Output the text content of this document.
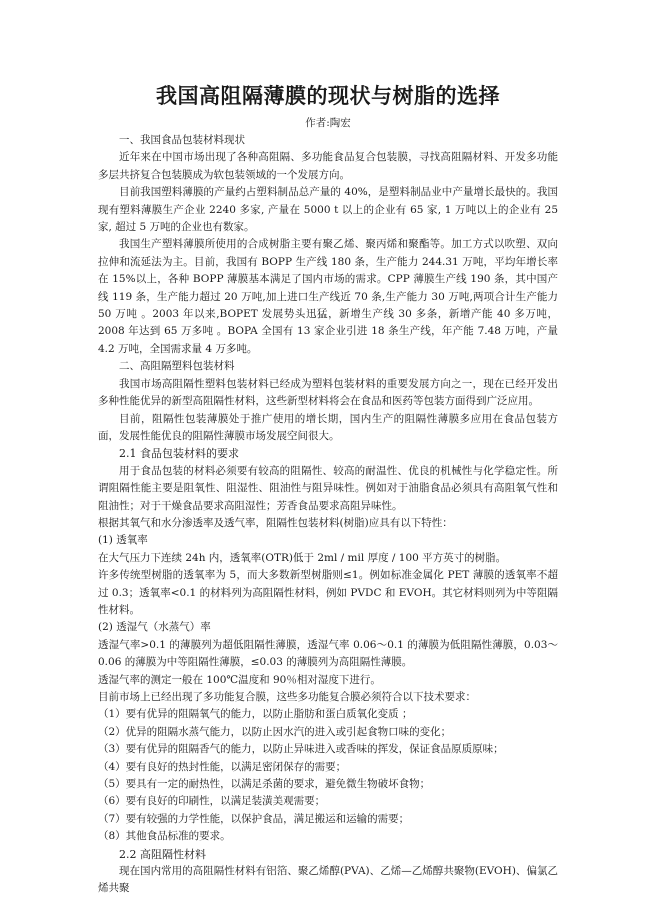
我国高阻隔薄膜的现状与树脂的选择
作者:陶宏

一、我国食品包装材料现状

近年来在中国市场出现了各种高阻隔、多功能食品复合包装膜，寻找高阻隔材料、开发多功能多层共挤复合包装膜成为软包装领域的一个发展方向。

目前我国塑料薄膜的产量约占塑料制品总产量的 40%，是塑料制品业中产量增长最快的。我国现有塑料薄膜生产企业 2240 多家, 产量在 5000 t 以上的企业有 65 家, 1 万吨以上的企业有 25 家, 超过 5 万吨的企业也有数家。

我国生产塑料薄膜所使用的合成树脂主要有聚乙烯、聚丙烯和聚酯等。加工方式以吹塑、双向拉伸和流延法为主。目前，我国有 BOPP 生产线 180 条，生产能力 244.31 万吨，平均年增长率在 15%以上，各种 BOPP 薄膜基本满足了国内市场的需求。CPP 薄膜生产线 190 条，其中国产线 119 条，生产能力超过 20 万吨,加上进口生产线近 70 条,生产能力 30 万吨,两项合计生产能力 50 万吨 。2003 年以来,BOPET 发展势头迅猛，新增生产线 30 多条，新增产能 40 多万吨，2008 年达到 65 万多吨 。BOPA 全国有 13 家企业引进 18 条生产线，年产能 7.48 万吨，产量 4.2 万吨，全国需求量 4 万多吨。

二、高阻隔塑料包装材料

我国市场高阻隔性塑料包装材料已经成为塑料包装材料的重要发展方向之一，现在已经开发出多种性能优异的新型高阻隔性材料，这些新型材料将会在食品和医药等包装方面得到广泛应用。

目前，阻隔性包装薄膜处于推广使用的增长期，国内生产的阻隔性薄膜多应用在食品包装方面，发展性能优良的阻隔性薄膜市场发展空间很大。

2.1 食品包装材料的要求

用于食品包装的材料必须要有较高的阻隔性、较高的耐温性、优良的机械性与化学稳定性。所谓阻隔性能主要是阻氧性、阻湿性、阻油性与阻异味性。例如对于油脂食品必须具有高阻氧气性和阻油性；对于干燥食品要求高阻湿性；芳香食品要求高阻异味性。

根据其氧气和水分渗透率及透气率，阻隔性包装材料(树脂)应具有以下特性：

(1) 透氧率

在大气压力下连续 24h 内，透氧率(OTR)低于 2ml / mil 厚度 / 100 平方英寸的树脂。

许多传统型树脂的透氧率为 5，而大多数新型树脂则≤1。例如标准金属化 PET 薄膜的透氧率不超过 0.3；透氧率<0.1 的材料列为高阻隔性材料，例如 PVDC 和 EVOH。其它材料则列为中等阻隔性材料。

(2) 透湿气（水蒸气）率

透湿气率>0.1 的薄膜列为超低阻隔性薄膜，透湿气率 0.06～0.1 的薄膜为低阻隔性薄膜，0.03～0.06 的薄膜为中等阻隔性薄膜，≤0.03 的薄膜列为高阻隔性薄膜。

透湿气率的测定一般在 100℃温度和 90％相对湿度下进行。

目前市场上已经出现了多功能复合膜，这些多功能复合膜必须符合以下技术要求：

（1）要有优异的阻隔氧气的能力，以防止脂肪和蛋白质氧化变质 ；

（2）优异的阻隔水蒸气能力，以防止因水汽的进入或引起食物口味的变化；

（3）要有优异的阻隔香气的能力，以防止异味进入或香味的挥发，保证食品原质原味；

（4）要有良好的热封性能，以满足密闭保存的需要；

（5）要具有一定的耐热性，以满足杀菌的要求，避免微生物破坏食物；

（6）要有良好的印刷性，以满足装潢美观需要；

（7）要有较强的力学性能，以保护食品，满足搬运和运输的需要；

（8）其他食品标准的要求。

2.2 高阻隔性材料

现在国内常用的高阻隔性材料有铝箔、聚乙烯醇(PVA)、乙烯—乙烯醇共聚物(EVOH)、偏氯乙烯共聚
